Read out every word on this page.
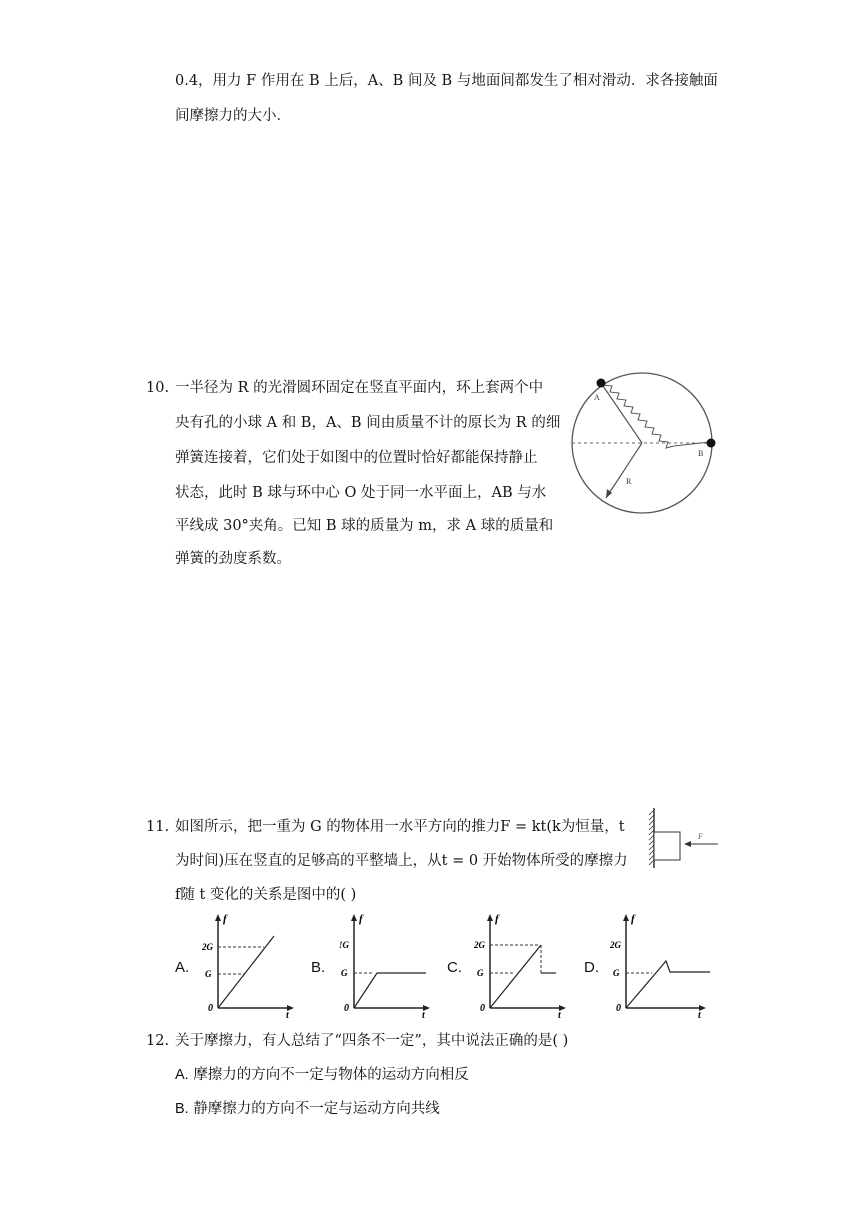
0.4，用力 F 作用在 B 上后，A、B 间及 B 与地面间都发生了相对滑动．求各接触面
间摩擦力的大小．
10. 一半径为 R 的光滑圆环固定在竖直平面内，环上套两个中
央有孔的小球 A 和 B，A、B 间由质量不计的原长为 R 的细
弹簧连接着，它们处于如图中的位置时恰好都能保持静止
状态，此时 B 球与环中心 O 处于同一水平面上，AB 与水
平线成 30°夹角。已知 B 球的质量为 m，求 A 球的质量和
弹簧的劲度系数。
A
B
R
11. 如图所示，把一重为 G 的物体用一水平方向的推力F = kt(k为恒量，t
为时间)压在竖直的足够高的平整墙上，从t = 0 开始物体所受的摩擦力
f随 t 变化的关系是图中的( )
F
A.	B.	C.	D.
f
2G
G
0
t
f
!G
G
0
t
f
2G
G
0
t
f
2G
G
0
t
12. 关于摩擦力，有人总结了“四条不一定”，其中说法正确的是( )
A. 摩擦力的方向不一定与物体的运动方向相反
B. 静摩擦力的方向不一定与运动方向共线
